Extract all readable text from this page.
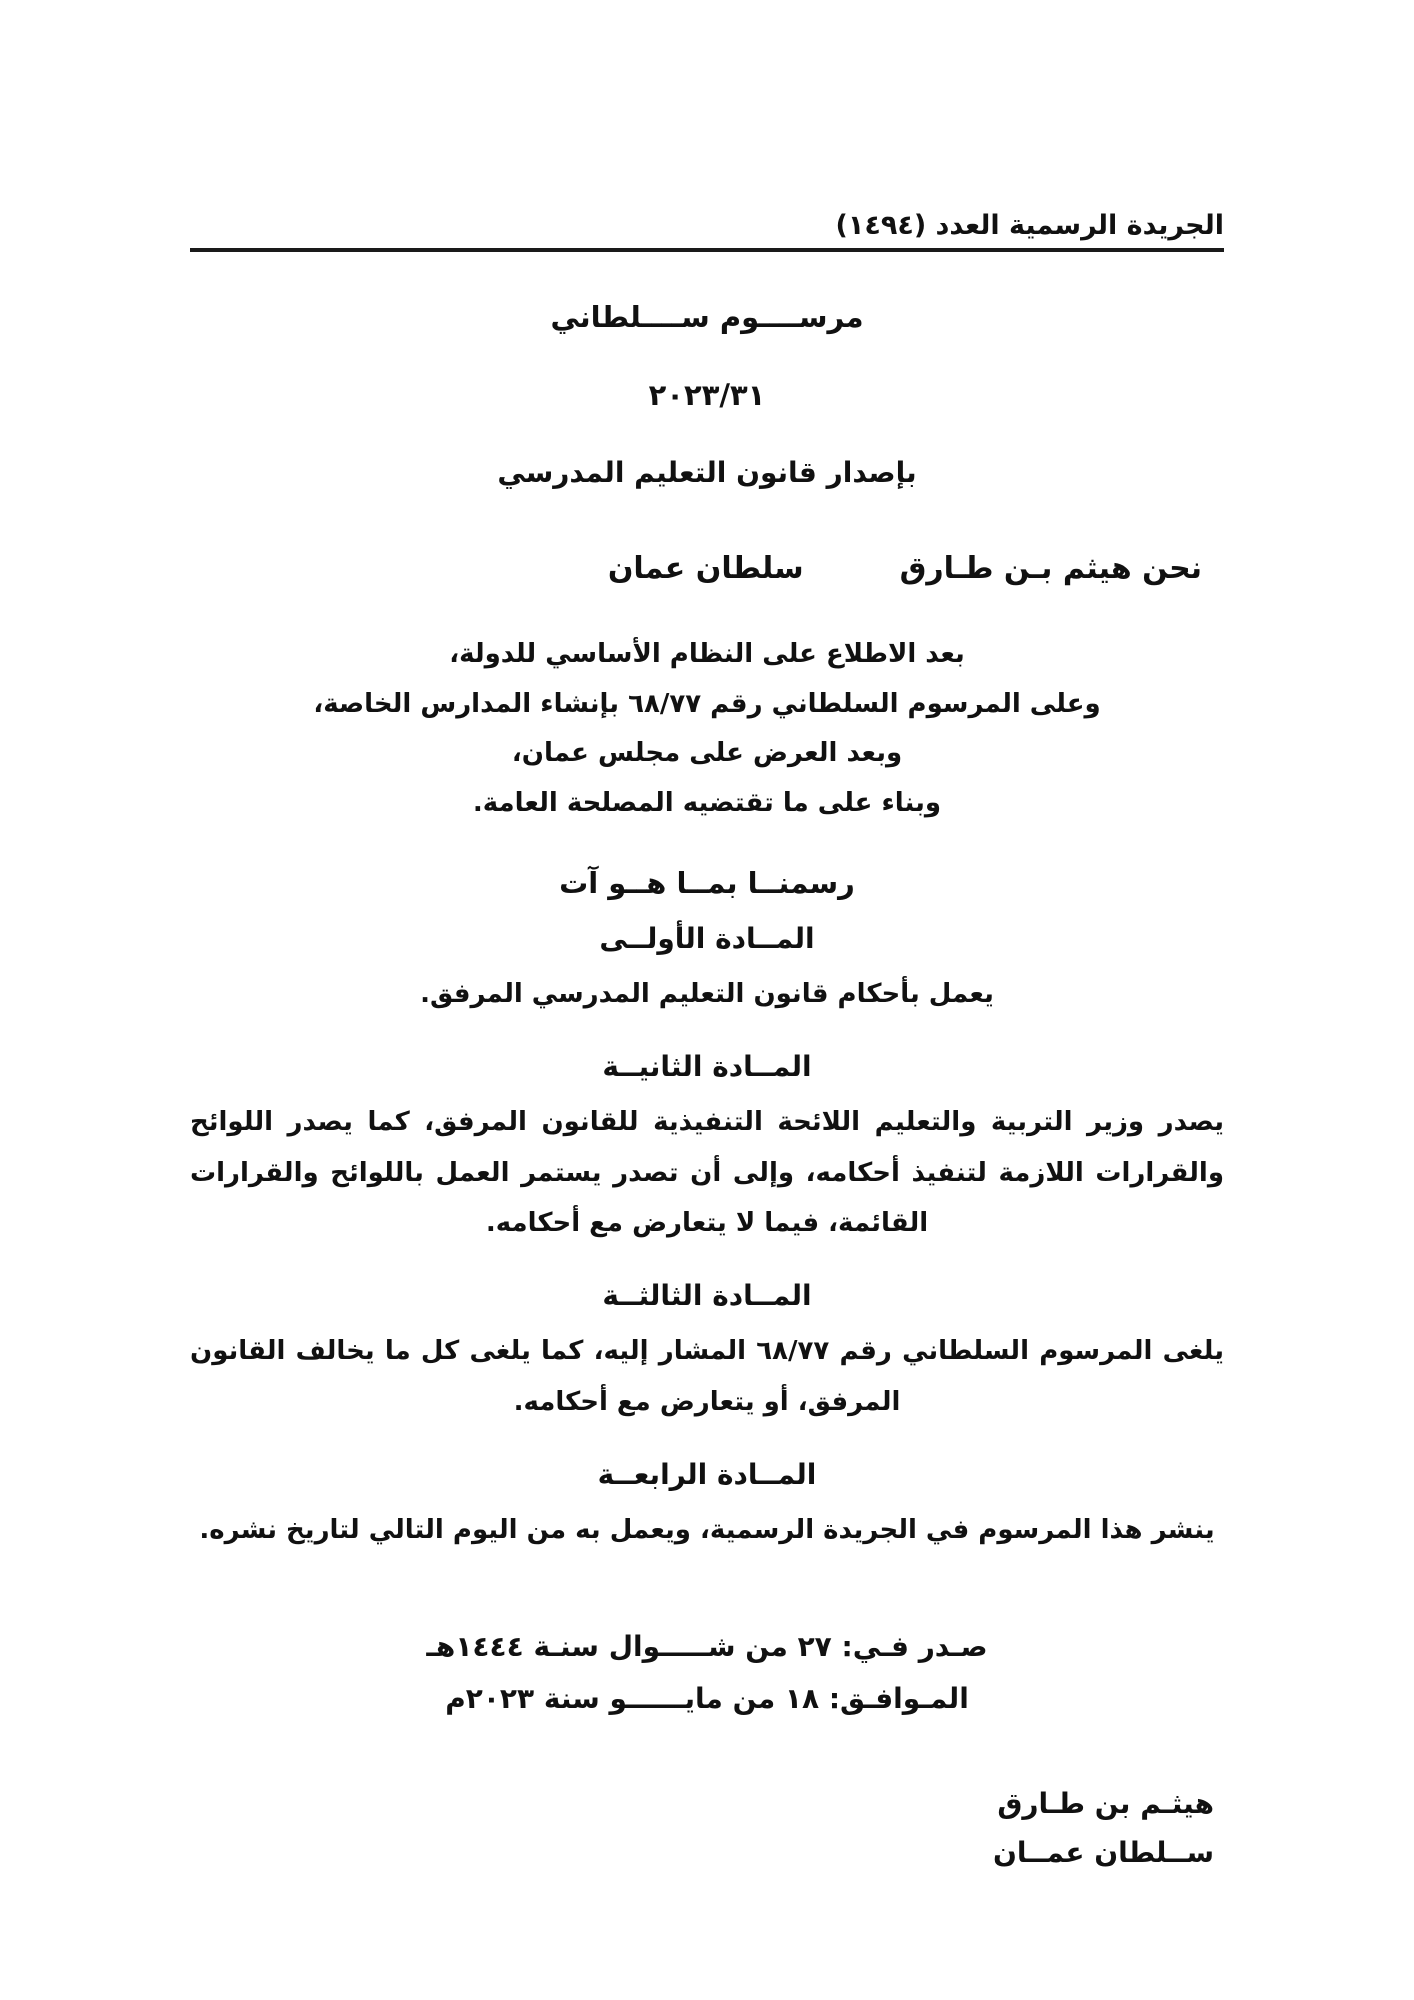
الجريدة الرسمية العدد (١٤٩٤)
مرســــوم ســــلطاني
٢٠٢٣/٣١
بإصدار قانون التعليم المدرسي
نحن هيثم بـن طـارق
سلطان عمان
بعد الاطلاع على النظام الأساسي للدولة،
وعلى المرسوم السلطاني رقم ٦٨/٧٧ بإنشاء المدارس الخاصة،
وبعد العرض على مجلس عمان،
وبناء على ما تقتضيه المصلحة العامة.
رسمنــا بمــا هــو آت
المــادة الأولــى
يعمل بأحكام قانون التعليم المدرسي المرفق.
المــادة الثانيــة
يصدر وزير التربية والتعليم اللائحة التنفيذية للقانون المرفق، كما يصدر اللوائح والقرارات اللازمة لتنفيذ أحكامه، وإلى أن تصدر يستمر العمل باللوائح والقرارات القائمة، فيما لا يتعارض مع أحكامه.
المــادة الثالثــة
يلغى المرسوم السلطاني رقم ٦٨/٧٧ المشار إليه، كما يلغى كل ما يخالف القانون المرفق، أو يتعارض مع أحكامه.
المــادة الرابعــة
ينشر هذا المرسوم في الجريدة الرسمية، ويعمل به من اليوم التالي لتاريخ نشره.
صـدر فـي: ٢٧ من شـــــوال سنـة ١٤٤٤هـ
المـوافـق: ١٨ من مايــــــو سنة ٢٠٢٣م
هيثـم بن طـارق
ســلطان عمــان
